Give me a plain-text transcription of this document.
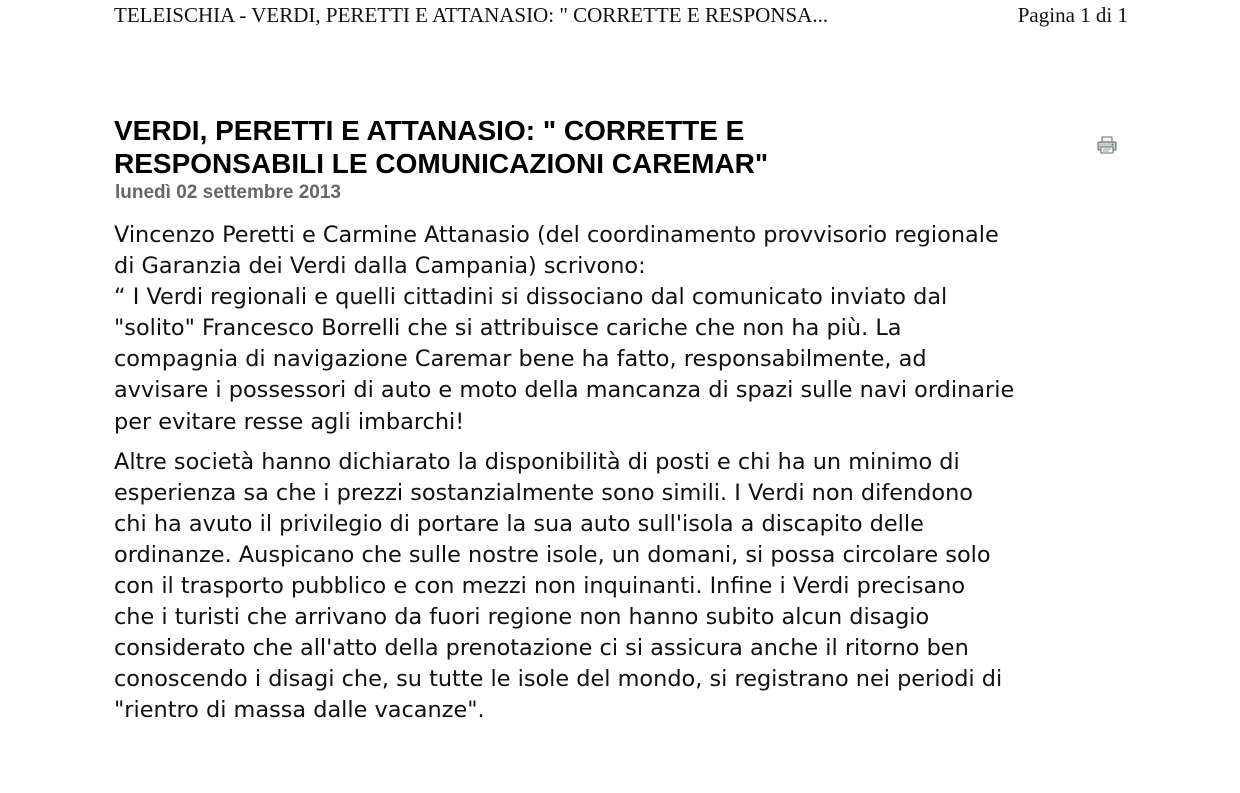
TELEISCHIA - VERDI, PERETTI E ATTANASIO: " CORRETTE E RESPONSA...	Pagina 1 di 1
VERDI, PERETTI E ATTANASIO: " CORRETTE E
RESPONSABILI LE COMUNICAZIONI CAREMAR"
lunedì 02 settembre 2013

Vincenzo Peretti e Carmine Attanasio (del coordinamento provvisorio regionale
di Garanzia dei Verdi dalla Campania) scrivono:
“ I Verdi regionali e quelli cittadini si dissociano dal comunicato inviato dal
"solito" Francesco Borrelli che si attribuisce cariche che non ha più. La
compagnia di navigazione Caremar bene ha fatto, responsabilmente, ad
avvisare i possessori di auto e moto della mancanza di spazi sulle navi ordinarie
per evitare resse agli imbarchi!

Altre società hanno dichiarato la disponibilità di posti e chi ha un minimo di
esperienza sa che i prezzi sostanzialmente sono simili. I Verdi non difendono
chi ha avuto il privilegio di portare la sua auto sull'isola a discapito delle
ordinanze. Auspicano che sulle nostre isole, un domani, si possa circolare solo
con il trasporto pubblico e con mezzi non inquinanti. Infine i Verdi precisano
che i turisti che arrivano da fuori regione non hanno subito alcun disagio
considerato che all'atto della prenotazione ci si assicura anche il ritorno ben
conoscendo i disagi che, su tutte le isole del mondo, si registrano nei periodi di
"rientro di massa dalle vacanze".
